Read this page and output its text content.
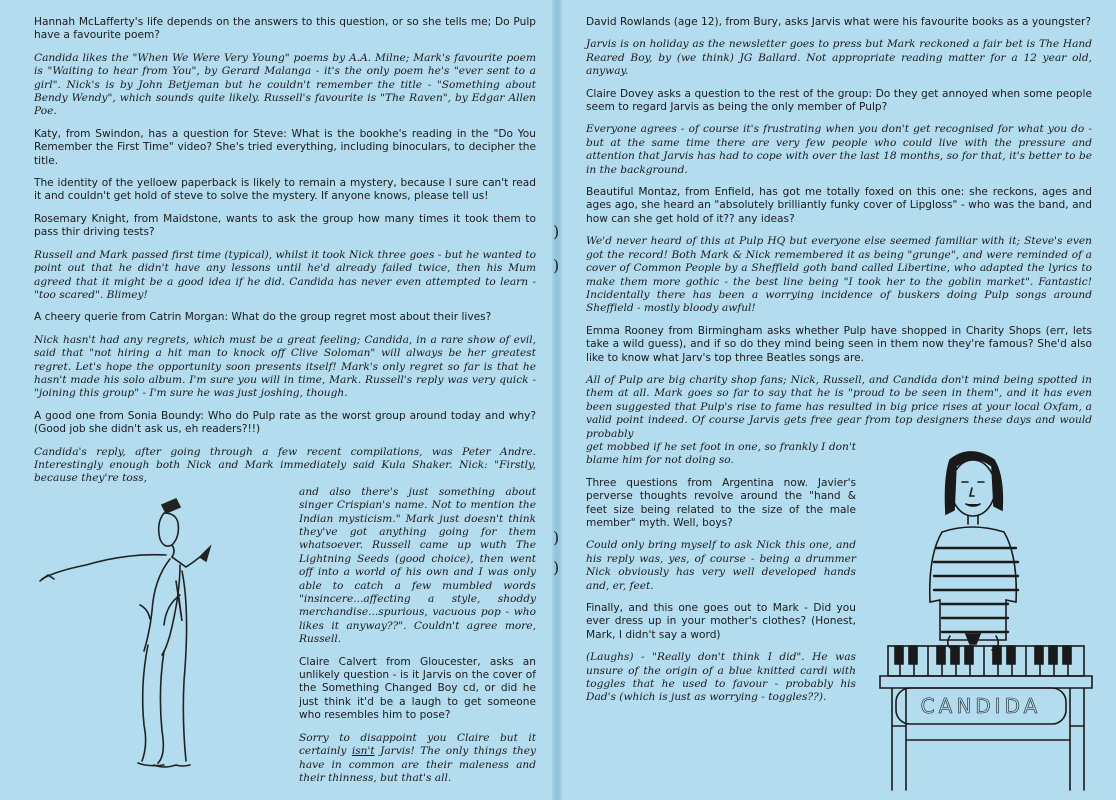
)
)
)
)

Hannah McLafferty's life depends on the answers to this question, or so she tells me; Do Pulp have a favourite poem?

Candida likes the "When We Were Very Young" poems by A.A. Milne; Mark's favourite poem is "Waiting to hear from You", by Gerard Malanga - it's the only poem he's "ever sent to a girl". Nick's is by John Betjeman but he couldn't remember the title - "Something about Bendy Wendy", which sounds quite likely. Russell's favourite is "The Raven", by Edgar Allen Poe.

Katy, from Swindon, has a question for Steve: What is the bookhe's reading in the "Do You Remember the First Time" video? She's tried everything, including binoculars, to decipher the title.

The identity of the yelloew paperback is likely to remain a mystery, because I sure can't read it and couldn't get hold of steve to solve the mystery. If anyone knows, please tell us!

Rosemary Knight, from Maidstone, wants to ask the group how many times it took them to pass thir driving tests?

Russell and Mark passed first time (typical), whilst it took Nick three goes - but he wanted to point out that he didn't have any lessons until he'd already failed twice, then his Mum agreed that it might be a good idea if he did. Candida has never even attempted to learn - "too scared". Blimey!

A cheery querie from Catrin Morgan: What do the group regret most about their lives?

Nick hasn't had any regrets, which must be a great feeling; Candida, in a rare show of evil, said that "not hiring a hit man to knock off Clive Soloman" will always be her greatest regret. Let's hope the opportunity soon presents itself! Mark's only regret so far is that he hasn't made his solo album. I'm sure you will in time, Mark. Russell's reply was very quick - "joining this group" - I'm sure he was just joshing, though.

A good one from Sonia Boundy: Who do Pulp rate as the worst group around today and why? (Good job she didn't ask us, eh readers?!!)

Candida's reply, after going through a few recent compilations, was Peter Andre. Interestingly enough both Nick and Mark immediately said Kula Shaker. Nick: "Firstly, because they're toss,

and also there's just something about singer Crispian's name. Not to mention the Indian mysticism." Mark just doesn't think they've got anything going for them whatsoever. Russell came up wuth The Lightning Seeds (good choice), then went off into a world of his own and I was only able to catch a few mumbled words "insincere...affecting a style, shoddy merchandise...spurious, vacuous pop - who likes it anyway??". Couldn't agree more, Russell.

Claire Calvert from Gloucester, asks an unlikely question - is it Jarvis on the cover of the Something Changed Boy cd, or did he just think it'd be a laugh to get someone who resembles him to pose?

Sorry to disappoint you Claire but it certainly isn't Jarvis! The only things they have in common are their maleness and their thinness, but that's all.

David Rowlands (age 12), from Bury, asks Jarvis what were his favourite books as a youngster?

Jarvis is on holiday as the newsletter goes to press but Mark reckoned a fair bet is The Hand Reared Boy, by (we think) JG Ballard. Not appropriate reading matter for a 12 year old, anyway.

Claire Dovey asks a question to the rest of the group: Do they get annoyed when some people seem to regard Jarvis as being the only member of Pulp?

Everyone agrees - of course it's frustrating when you don't get recognised for what you do - but at the same time there are very few people who could live with the pressure and attention that Jarvis has had to cope with over the last 18 months, so for that, it's better to be in the background.

Beautiful Montaz, from Enfield, has got me totally foxed on this one: she reckons, ages and ages ago, she heard an "absolutely brilliantly funky cover of Lipgloss" - who was the band, and how can she get hold of it?? any ideas?

We'd never heard of this at Pulp HQ but everyone else seemed familiar with it; Steve's even got the record! Both Mark & Nick remembered it as being "grunge", and were reminded of a cover of Common People by a Sheffield goth band called Libertine, who adapted the lyrics to make them more gothic - the best line being "I took her to the goblin market". Fantastic! Incidentally there has been a worrying incidence of buskers doing Pulp songs around Sheffield - mostly bloody awful!

Emma Rooney from Birmingham asks whether Pulp have shopped in Charity Shops (err, lets take a wild guess), and if so do they mind being seen in them now they're famous? She'd also like to know what Jarv's top three Beatles songs are.

All of Pulp are big charity shop fans; Nick, Russell, and Candida don't mind being spotted in them at all. Mark goes so far to say that he is "proud to be seen in them", and it has even been suggested that Pulp's rise to fame has resulted in big price rises at your local Oxfam, a valid point indeed. Of course Jarvis gets free gear from top designers these days and would probably

get mobbed if he set foot in one, so frankly I don't blame him for not doing so.

Three questions from Argentina now. Javier's perverse thoughts revolve around the "hand & feet size being related to the size of the male member" myth. Well, boys?

Could only bring myself to ask Nick this one, and his reply was, yes, of course - being a drummer Nick obviously has very well developed hands and, er, feet.

Finally, and this one goes out to Mark - Did you ever dress up in your mother's clothes? (Honest, Mark, I didn't say a word)

(Laughs) - "Really don't think I did". He was unsure of the origin of a blue knitted cardi with toggles that he used to favour - probably his Dad's (which is just as worrying - toggles??).	CANDIDA
